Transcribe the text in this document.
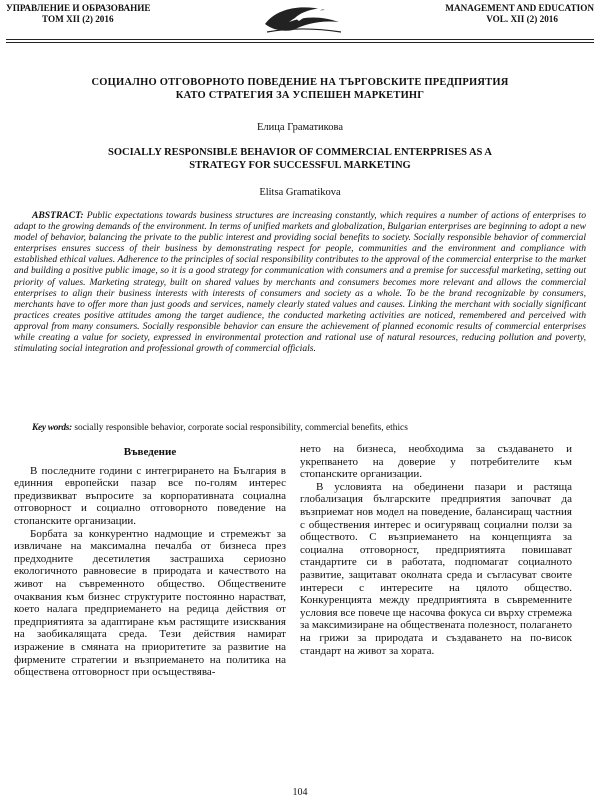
УПРАВЛЕНИЕ И ОБРАЗОВАНИЕ
ТОМ XII (2) 2016
MANAGEMENT AND EDUCATION
VOL. XII (2) 2016
СОЦИАЛНО ОТГОВОРНОТО ПОВЕДЕНИЕ НА ТЪРГОВСКИТЕ ПРЕДПРИЯТИЯ
КАТО СТРАТЕГИЯ ЗА УСПЕШЕН МАРКЕТИНГ
Елица Граматикова
SOCIALLY RESPONSIBLE BEHAVIOR OF COMMERCIAL ENTERPRISES AS A
STRATEGY FOR SUCCESSFUL MARKETING
Elitsa Gramatikova

ABSTRACT: Public expectations towards business structures are increasing constantly, which requires a number of actions of enterprises to adapt to the growing demands of the environment. In terms of unified markets and globalization, Bulgarian enterprises are beginning to adopt a new model of behavior, balancing the private to the public interest and providing social benefits to society. Socially responsible behavior of commercial enterprises ensures success of their business by demonstrating respect for people, communities and the environment and compliance with established ethical values. Adherence to the principles of social responsibility contributes to the approval of the commercial enterprise to the market and building a positive public image, so it is a good strategy for communication with consumers and a premise for successful marketing, setting out priority of values. Marketing strategy, built on shared values by merchants and consumers becomes more relevant and allows the commercial enterprises to align their business interests with interests of consumers and society as a whole. To be the brand recognizable by consumers, merchants have to offer more than just goods and services, namely clearly stated values and causes. Linking the merchant with socially significant practices creates positive attitudes among the target audience, the conducted marketing activities are noticed, remembered and perceived with approval from many consumers. Socially responsible behavior can ensure the achievement of planned economic results of commercial enterprises while creating a value for society, expressed in environmental protection and rational use of natural resources, reducing pollution and poverty, stimulating social integration and professional growth of commercial officials.

Key words: socially responsible behavior, corporate social responsibility, commercial benefits, ethics
Въведение

В последните години с интегрирането на България в единния европейски пазар все по-голям интерес предизвикват въпросите за корпоративната социална отговорност и социално отговорното поведение на стопанските организации.

Борбата за конкурентно надмощие и стремежът за извличане на максимална печалба от бизнеса през предходните десетилетия застрашиха сериозно екологичното равновесие в природата и качеството на живот на съвременното общество. Обществените очаквания към бизнес структурите постоянно нарастват, което налага предприемането на редица действия от предприятията за адаптиране към растящите изисквания на заобикалящата среда. Тези действия намират изражение в смяната на приоритетите за развитие на фирмените стратегии и възприемането на политика на обществена отговорност при осъществява-

нето на бизнеса, необходима за създаването и укрепването на доверие у потребителите към стопанските организации.

В условията на обединени пазари и растяща глобализация българските предприятия започват да възприемат нов модел на поведение, балансиращ частния с обществения интерес и осигуряващ социални ползи за обществото. С възприемането на концепцията за социална отговорност, предприятията повишават стандартите си в работата, подпомагат социалното развитие, защитават околната среда и съгласуват своите интереси с интересите на цялото общество. Конкуренцията между предприятията в съвременните условия все повече ще насочва фокуса си върху стремежа за максимизиране на обществената полезност, полагането на грижи за природата и създаването на по-висок стандарт на живот за хората.

104
